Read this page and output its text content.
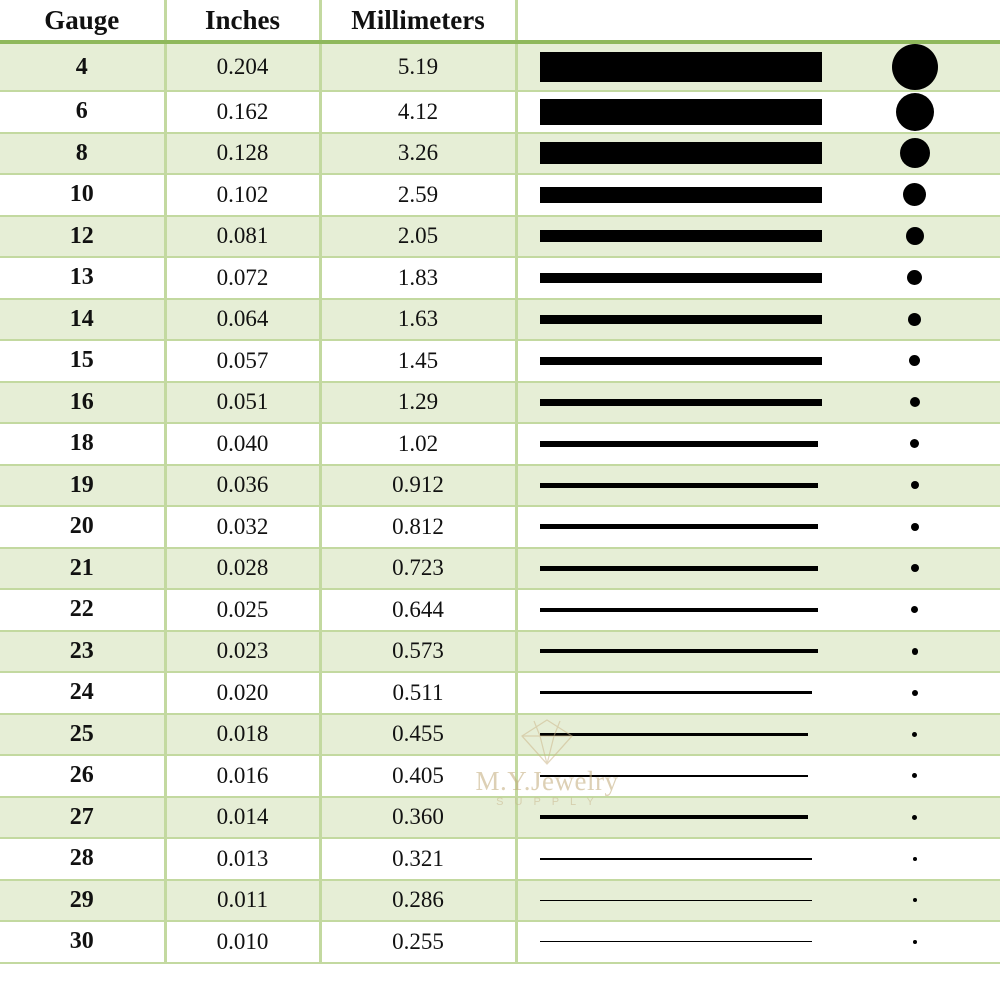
Gauge	Inches	Millimeters	
4	0.204	5.19	

6	0.162	4.12	

8	0.128	3.26	

10	0.102	2.59	

12	0.081	2.05	

13	0.072	1.83	

14	0.064	1.63	

15	0.057	1.45	

16	0.051	1.29	

18	0.040	1.02	

19	0.036	0.912	

20	0.032	0.812	

21	0.028	0.723	

22	0.025	0.644	

23	0.023	0.573	

24	0.020	0.511	

25	0.018	0.455	

26	0.016	0.405	

27	0.014	0.360	

28	0.013	0.321	

29	0.011	0.286	

30	0.010	0.255	
M.Y.Jewelry
S U P P L Y
